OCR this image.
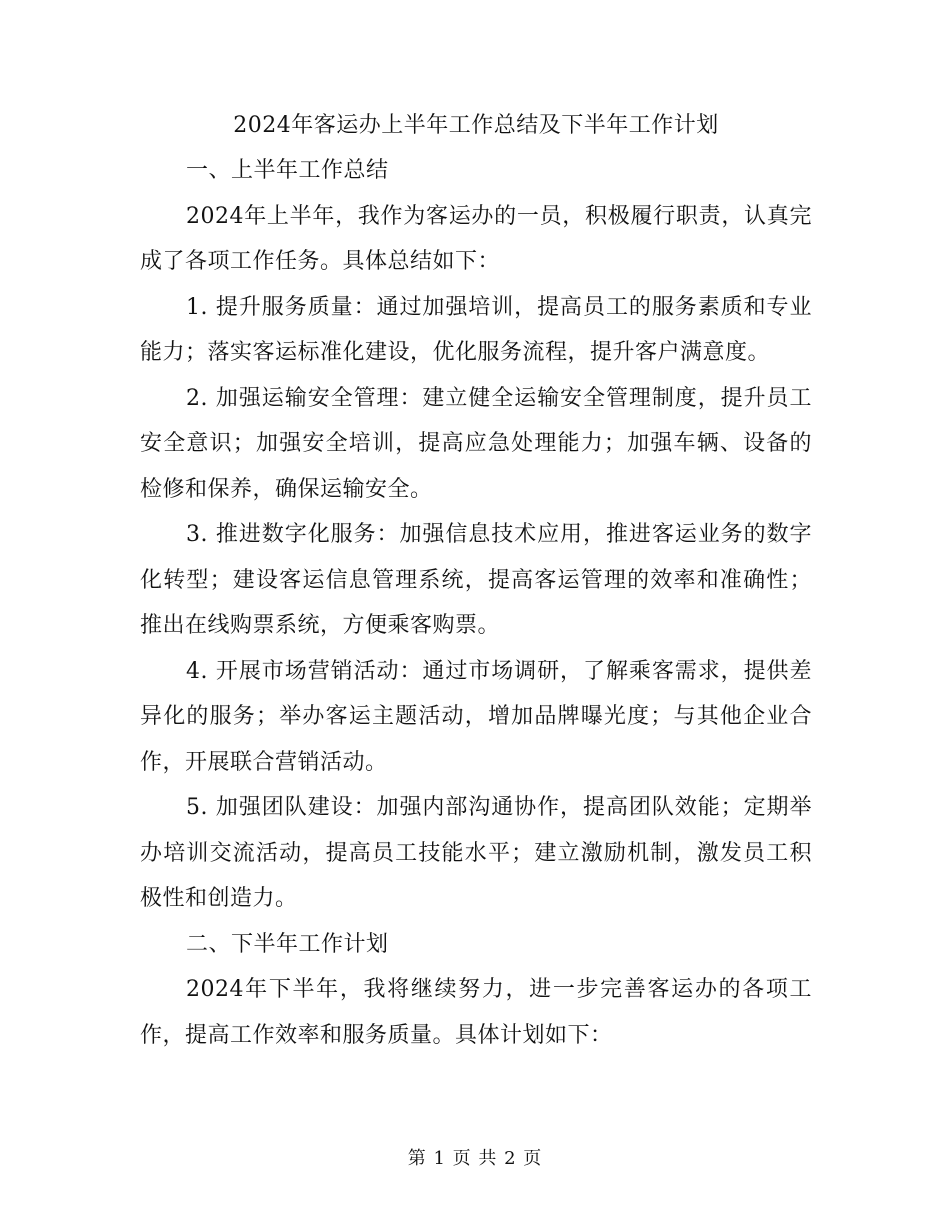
2024年客运办上半年工作总结及下半年工作计划

一、上半年工作总结

2024年上半年，我作为客运办的一员，积极履行职责，认真完成了各项工作任务。具体总结如下：

1. 提升服务质量：通过加强培训，提高员工的服务素质和专业能力；落实客运标准化建设，优化服务流程，提升客户满意度。

2. 加强运输安全管理：建立健全运输安全管理制度，提升员工安全意识；加强安全培训，提高应急处理能力；加强车辆、设备的检修和保养，确保运输安全。

3. 推进数字化服务：加强信息技术应用，推进客运业务的数字化转型；建设客运信息管理系统，提高客运管理的效率和准确性；推出在线购票系统，方便乘客购票。

4. 开展市场营销活动：通过市场调研，了解乘客需求，提供差异化的服务；举办客运主题活动，增加品牌曝光度；与其他企业合作，开展联合营销活动。

5. 加强团队建设：加强内部沟通协作，提高团队效能；定期举办培训交流活动，提高员工技能水平；建立激励机制，激发员工积极性和创造力。

二、下半年工作计划

2024年下半年，我将继续努力，进一步完善客运办的各项工作，提高工作效率和服务质量。具体计划如下：

第 1 页 共 2 页
